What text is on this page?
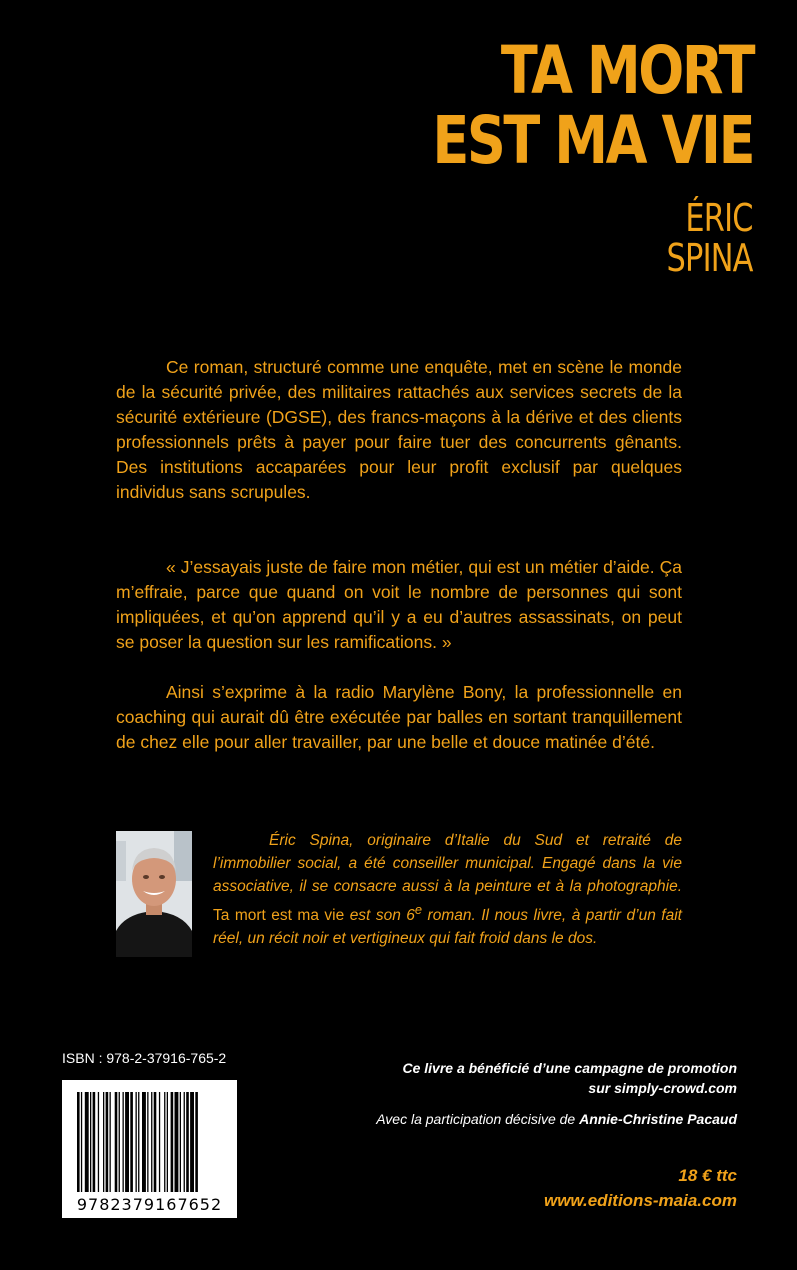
TA MORT
EST MA VIE
ÉRIC
SPINA

Ce roman, structuré comme une enquête, met en scène le monde de la sécurité privée, des militaires rattachés aux services secrets de la sécurité extérieure (DGSE), des francs-maçons à la dérive et des clients professionnels prêts à payer pour faire tuer des concurrents gênants. Des institutions accaparées pour leur profit exclusif par quelques individus sans scrupules.

« J’essayais juste de faire mon métier, qui est un métier d’aide. Ça m’effraie, parce que quand on voit le nombre de personnes qui sont impliquées, et qu’on apprend qu’il y a eu d’autres assassinats, on peut se poser la question sur les ramifications. »

Ainsi s’exprime à la radio Marylène Bony, la professionnelle en coaching qui aurait dû être exécutée par balles en sortant tranquillement de chez elle pour aller travailler, par une belle et douce matinée d’été.

Éric Spina, originaire d’Italie du Sud et retraité de l’immobilier social, a été conseiller municipal. Engagé dans la vie associative, il se consacre aussi à la peinture et à la photographie. Ta mort est ma vie est son 6e roman. Il nous livre, à partir d’un fait réel, un récit noir et vertigineux qui fait froid dans le dos.

ISBN : 978-2-37916-765-2

9782379167652
Ce livre a bénéficié d’une campagne de promotion
sur simply-crowd.com
Avec la participation décisive de Annie-Christine Pacaud
18 € ttc
www.editions-maia.com
